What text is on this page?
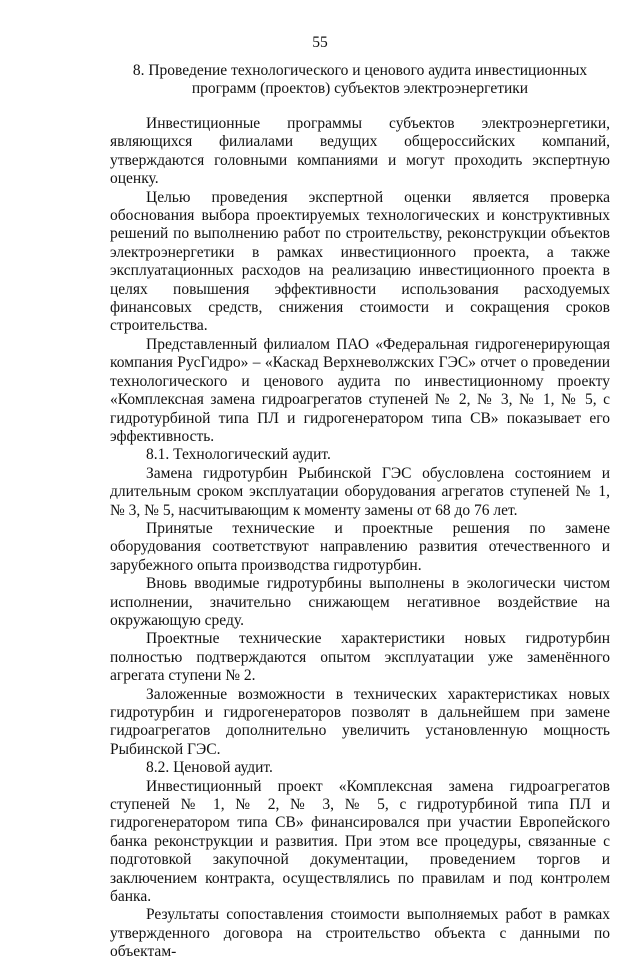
55
8. Проведение технологического и ценового аудита инвестиционных программ (проектов) субъектов электроэнергетики

Инвестиционные программы субъектов электроэнергетики, являющихся филиалами ведущих общероссийских компаний, утверждаются головными компаниями и могут проходить экспертную оценку.

Целью проведения экспертной оценки является проверка обоснования выбора проектируемых технологических и конструктивных решений по выполнению работ по строительству, реконструкции объектов электроэнергетики в рамках инвестиционного проекта, а также эксплуатационных расходов на реализацию инвестиционного проекта в целях повышения эффективности использования расходуемых финансовых средств, снижения стоимости и сокращения сроков строительства.

Представленный филиалом ПАО «Федеральная гидрогенерирующая компания РусГидро» – «Каскад Верхневолжских ГЭС» отчет о проведении технологического и ценового аудита по инвестиционному проекту «Комплексная замена гидроагрегатов ступеней № 2, № 3, № 1, № 5, с гидротурбиной типа ПЛ и гидрогенератором типа СВ» показывает его эффективность.

8.1. Технологический аудит.

Замена гидротурбин Рыбинской ГЭС обусловлена состоянием и длительным сроком эксплуатации оборудования агрегатов ступеней № 1, № 3, № 5, насчитывающим к моменту замены от 68 до 76 лет.

Принятые технические и проектные решения по замене оборудования соответствуют направлению развития отечественного и зарубежного опыта производства гидротурбин.

Вновь вводимые гидротурбины выполнены в экологически чистом исполнении, значительно снижающем негативное воздействие на окружающую среду.

Проектные технические характеристики новых гидротурбин полностью подтверждаются опытом эксплуатации уже заменённого агрегата ступени № 2.

Заложенные возможности в технических характеристиках новых гидротурбин и гидрогенераторов позволят в дальнейшем при замене гидроагрегатов дополнительно увеличить установленную мощность Рыбинской ГЭС.

8.2. Ценовой аудит.

Инвестиционный проект «Комплексная замена гидроагрегатов ступеней № 1, № 2, № 3, № 5, с гидротурбиной типа ПЛ и гидрогенератором типа СВ» финансировался при участии Европейского банка реконструкции и развития. При этом все процедуры, связанные с подготовкой закупочной документации, проведением торгов и заключением контракта, осуществлялись по правилам и под контролем банка.

Результаты сопоставления стоимости выполняемых работ в рамках утвержденного договора на строительство объекта с данными по объектам-
